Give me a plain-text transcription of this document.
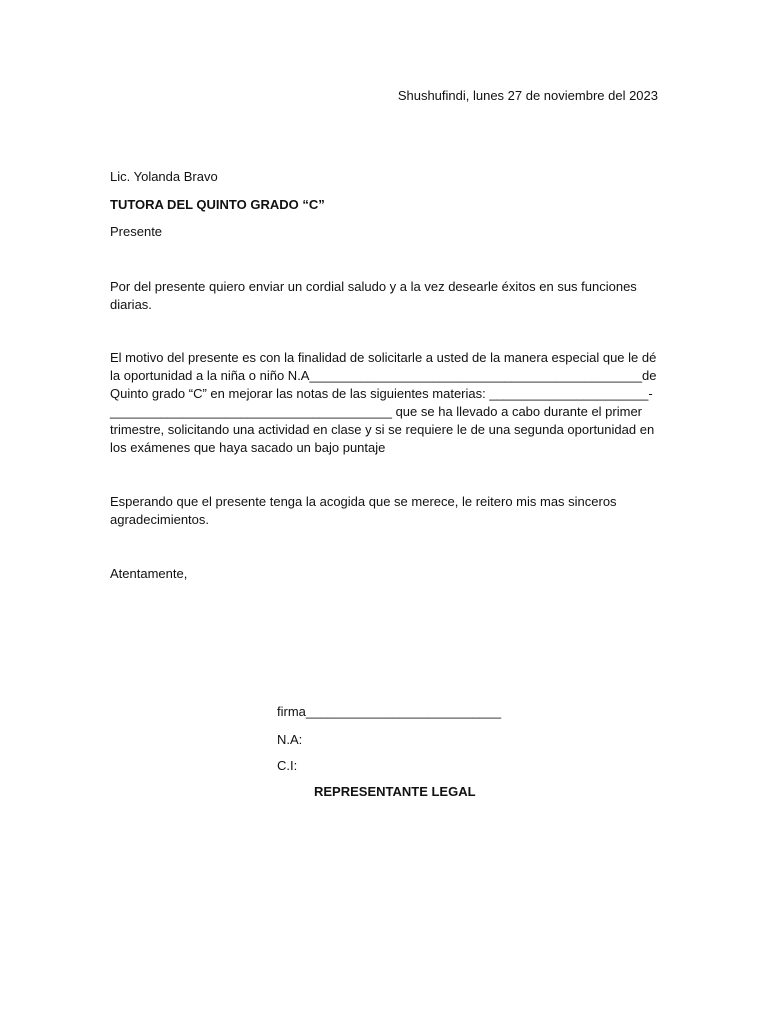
Shushufindi, lunes 27 de noviembre del 2023

Lic. Yolanda Bravo

TUTORA DEL QUINTO GRADO “C”

Presente

Por del presente quiero enviar un cordial saludo y a la vez desearle éxitos en sus funciones diarias.

El motivo del presente es con la finalidad de solicitarle a usted de la manera especial que le dé
la oportunidad a la niña o niño N.A______________________________________________de
Quinto grado “C” en mejorar las notas de las siguientes materias: ______________________-
_______________________________________ que se ha llevado a cabo durante el primer
trimestre, solicitando una actividad en clase y si se requiere le de una segunda oportunidad en
los exámenes que haya sacado un bajo puntaje

Esperando que el presente tenga la acogida que se merece, le reitero mis mas sinceros agradecimientos.

Atentamente,

firma___________________________

N.A:

C.I:

REPRESENTANTE LEGAL
